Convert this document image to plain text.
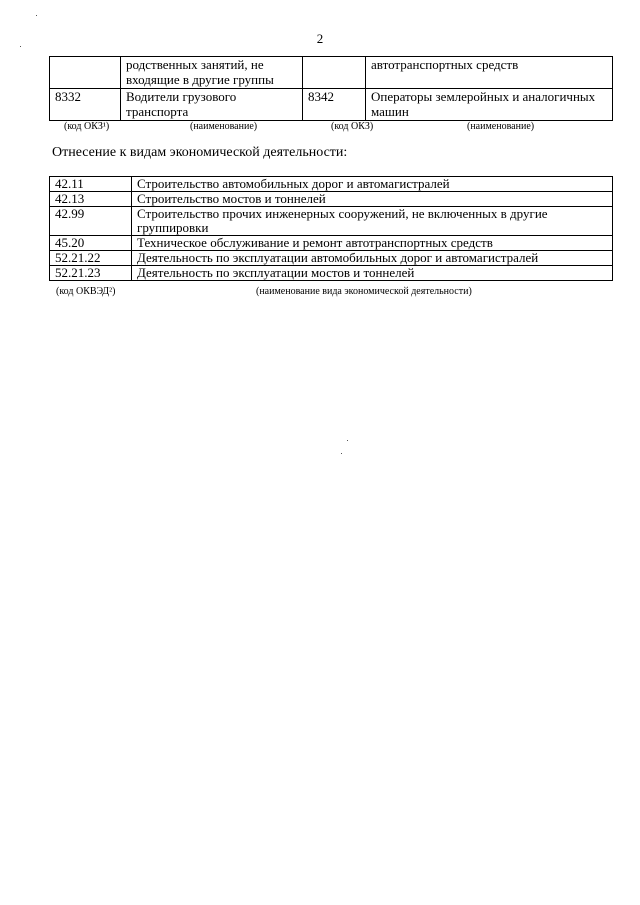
2
	родственных занятий, не входящие в другие группы		автотранспортных средств
8332	Водители грузового транспорта	8342	Операторы землеройных и аналогичных машин
(код ОКЗ¹)	(наименование)	(код ОКЗ)	(наименование)
Отнесение к видам экономической деятельности:
42.11	Строительство автомобильных дорог и автомагистралей
42.13	Строительство мостов и тоннелей
42.99	Строительство прочих инженерных сооружений, не включенных в другие группировки
45.20	Техническое обслуживание и ремонт автотранспортных средств
52.21.22	Деятельность по эксплуатации автомобильных дорог и автомагистралей
52.21.23	Деятельность по эксплуатации мостов и тоннелей
(код ОКВЭД²)	(наименование вида экономической деятельности)
